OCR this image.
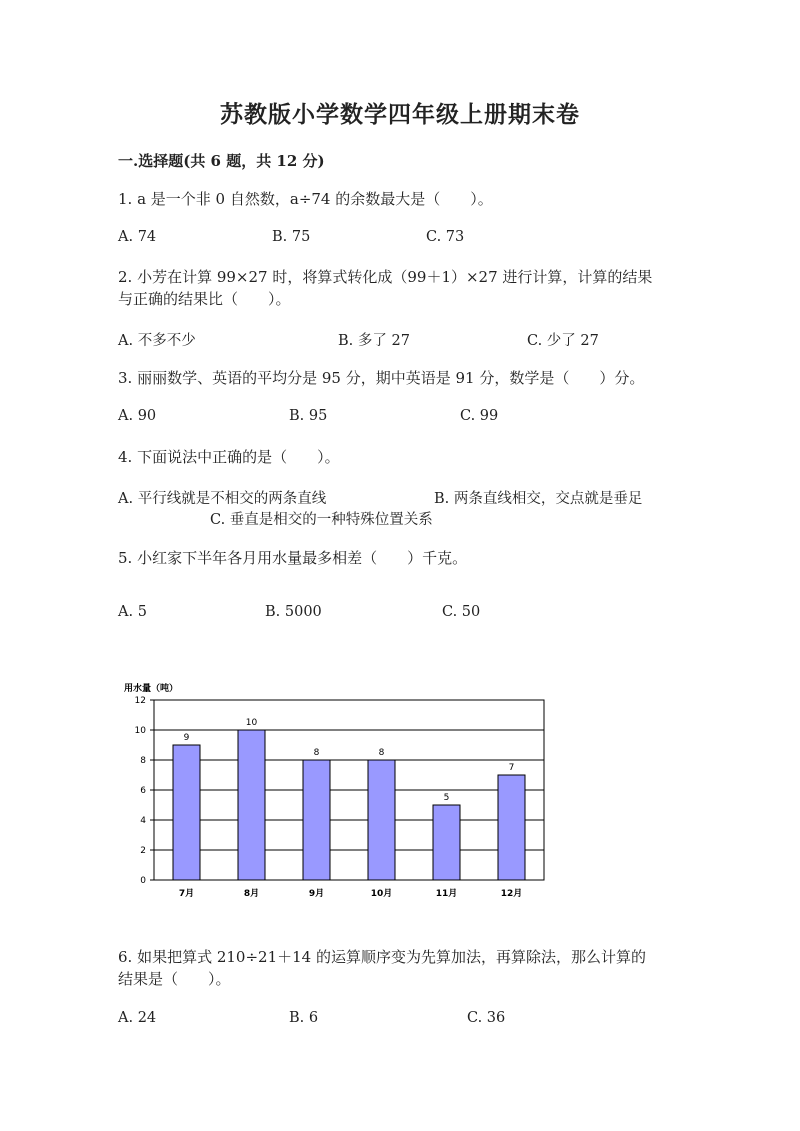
苏教版小学数学四年级上册期末卷
一.选择题(共 6 题，共 12 分)
1. a 是一个非 0 自然数，a÷74 的余数最大是（　　）。
A. 74	B. 75	C. 73
2. 小芳在计算 99×27 时，将算式转化成（99＋1）×27 进行计算，计算的结果
与正确的结果比（　　）。
A. 不多不少	B. 多了 27	C. 少了 27
3. 丽丽数学、英语的平均分是 95 分，期中英语是 91 分，数学是（　　）分。
A. 90	B. 95	C. 99
4. 下面说法中正确的是（　　）。
A. 平行线就是不相交的两条直线	B. 两条直线相交，交点就是垂足
C. 垂直是相交的一种特殊位置关系
5. 小红家下半年各月用水量最多相差（　　）千克。
A. 5	B. 5000	C. 50
用水量（吨）
0
2
4
6
8
10
12
9
7月
10
8月
8
9月
8
10月
5
11月
7
12月
6. 如果把算式 210÷21＋14 的运算顺序变为先算加法，再算除法，那么计算的
结果是（　　）。
A. 24	B. 6	C. 36
